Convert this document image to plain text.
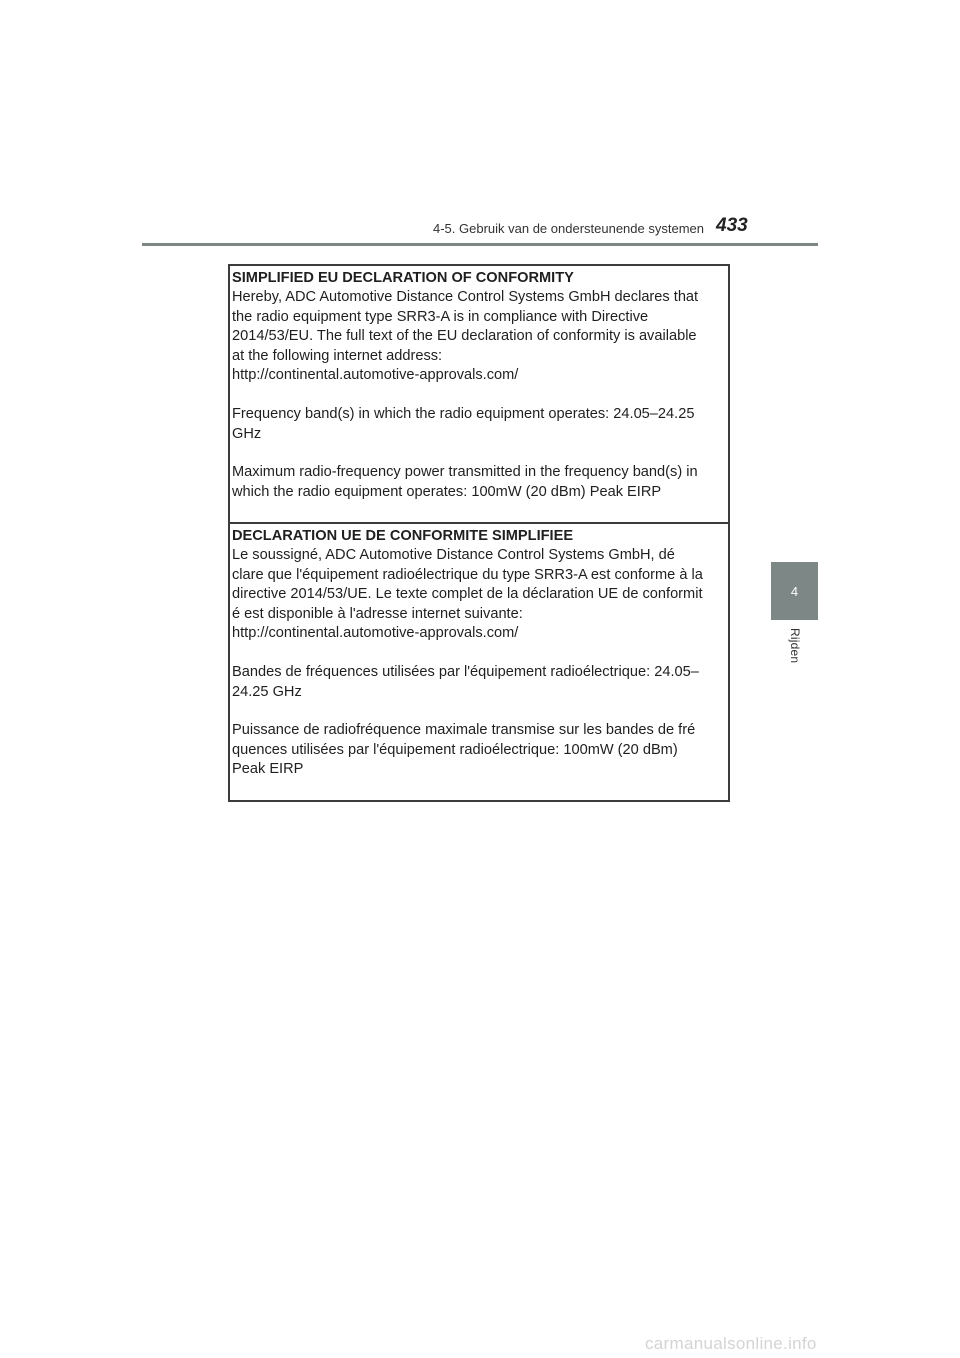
4-5. Gebruik van de ondersteunende systemen 433
4
Rijden
SIMPLIFIED EU DECLARATION OF CONFORMITY

Hereby, ADC Automotive Distance Control Systems GmbH declares that
the radio equipment type SRR3-A is in compliance with Directive
2014/53/EU. The full text of the EU declaration of conformity is available
at the following internet address:
http://continental.automotive-approvals.com/

Frequency band(s) in which the radio equipment operates: 24.05–24.25
GHz

Maximum radio-frequency power transmitted in the frequency band(s) in
which the radio equipment operates: 100mW (20 dBm) Peak EIRP

DECLARATION UE DE CONFORMITE SIMPLIFIEE

Le soussigné, ADC Automotive Distance Control Systems GmbH, dé
clare que l'équipement radioélectrique du type SRR3-A est conforme à la
directive 2014/53/UE. Le texte complet de la déclaration UE de conformit
é est disponible à l'adresse internet suivante:
http://continental.automotive-approvals.com/

Bandes de fréquences utilisées par l'équipement radioélectrique: 24.05–
24.25 GHz

Puissance de radiofréquence maximale transmise sur les bandes de fré
quences utilisées par l'équipement radioélectrique: 100mW (20 dBm)
Peak EIRP

carmanualsonline.info
